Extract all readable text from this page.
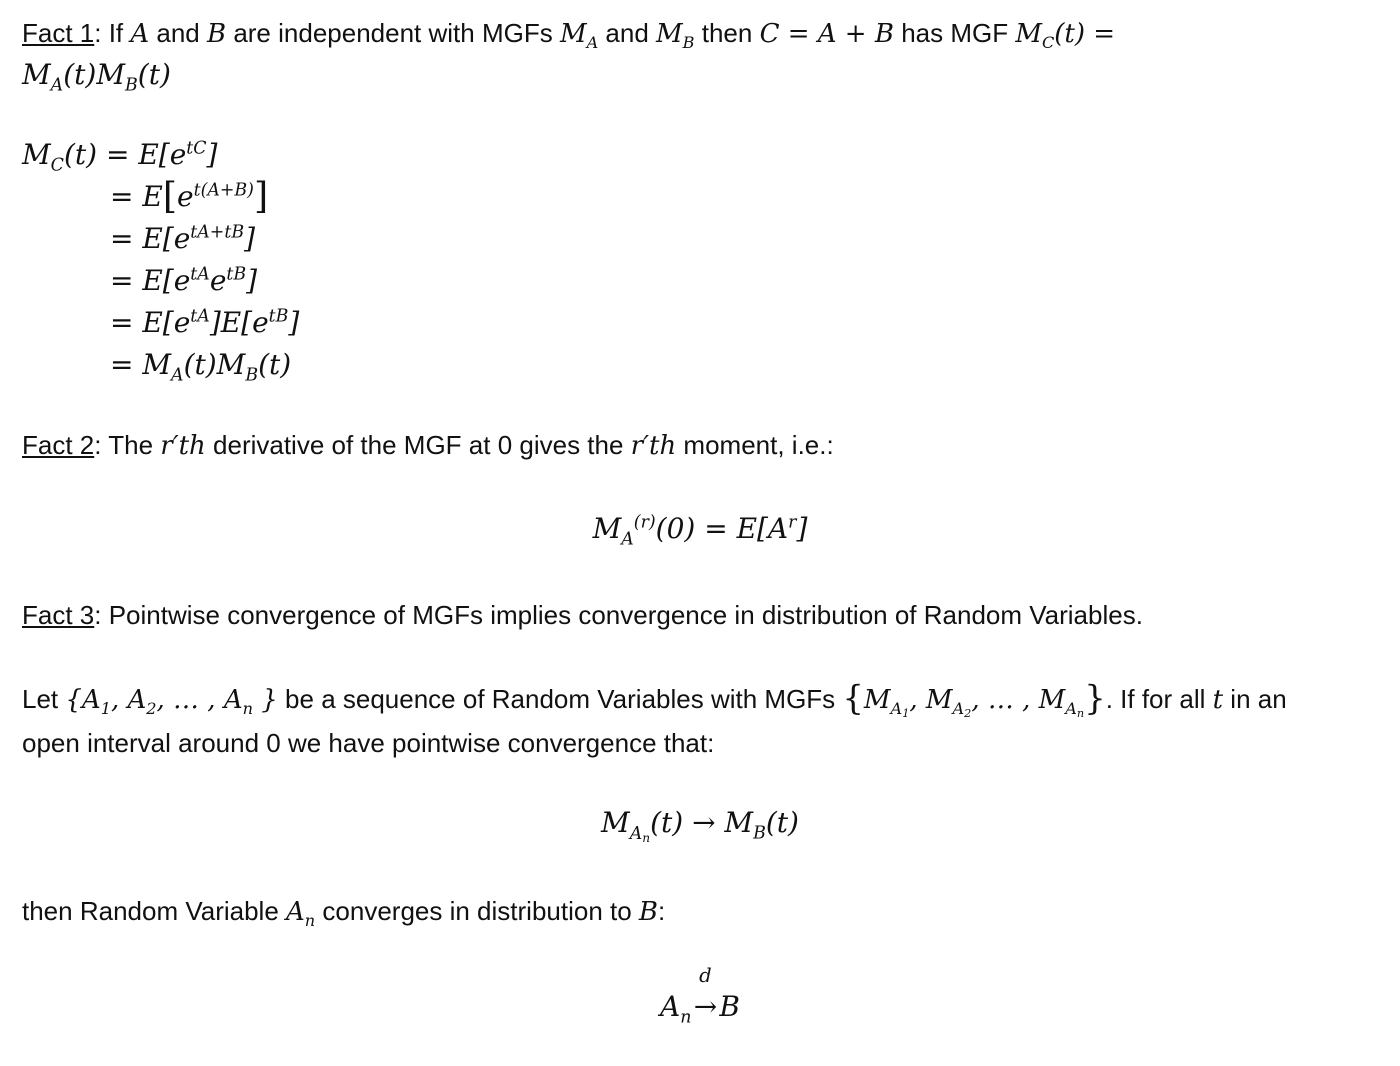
Fact 1: If A and B are independent with MGFs $M_A$ and $M_B$ then C = A + B has MGF $M_C(t)$ =
$M_A(t)M_B(t)$
$M_C(t) = E[e^{tC}]$
= $E[e^{t(A+B)}]$
= $E[e^{tA+tB}]$
= $E[e^{tA}e^{tB}]$
= $E[e^{tA}]E[e^{tB}]$
= $M_A(t)M_B(t)$
Fact 2: The r′th derivative of the MGF at 0 gives the r′th moment, i.e.:
$M_A^{(r)}(0) = E[A^r]$
Fact 3: Pointwise convergence of MGFs implies convergence in distribution of Random Variables.
Let {$A_1$, $A_2$, … , $A_n$ } be a sequence of Random Variables with MGFs {$M_{A1}$, $M_{A2}$, … , $M_{An}$}. If for all t in an
open interval around 0 we have pointwise convergence that:
$M_{An}(t) \to M_B(t)$
then Random Variable $A_n$ converges in distribution to B:
$A_n$
d
→B
